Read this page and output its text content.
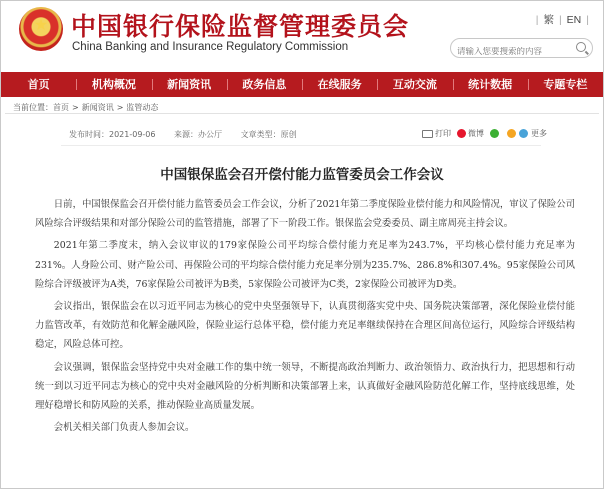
★ 中国银行保险监督管理委员会
China Banking and Insurance Regulatory Commission
| 繁 | EN |
请输入您要搜索的内容
首页	机构概况	新闻资讯	政务信息	在线服务	互动交流	统计数据	专题专栏
当前位置：首页 > 新闻资讯 > 监管动态
发布时间：2021-09-06 来源：办公厅 文章类型：原创	打印 微博	更多
中国银保监会召开偿付能力监管委员会工作会议

日前，中国银保监会召开偿付能力监管委员会工作会议，分析了2021年第二季度保险业偿付能力和风险情况，审议了保险公司风险综合评级结果和对部分保险公司的监管措施，部署了下一阶段工作。银保监会党委委员、副主席周亮主持会议。

2021年第二季度末，纳入会议审议的179家保险公司平均综合偿付能力充足率为243.7%，平均核心偿付能力充足率为231%。人身险公司、财产险公司、再保险公司的平均综合偿付能力充足率分别为235.7%、286.8%和307.4%。95家保险公司风险综合评级被评为A类，76家保险公司被评为B类，5家保险公司被评为C类，2家保险公司被评为D类。

会议指出，银保监会在以习近平同志为核心的党中央坚强领导下，认真贯彻落实党中央、国务院决策部署，深化保险业偿付能力监管改革，有效防范和化解金融风险，保险业运行总体平稳，偿付能力充足率继续保持在合理区间高位运行，风险综合评级结构稳定，风险总体可控。

会议强调，银保监会坚持党中央对金融工作的集中统一领导，不断提高政治判断力、政治领悟力、政治执行力，把思想和行动统一到以习近平同志为核心的党中央对金融风险的分析判断和决策部署上来，认真做好金融风险防范化解工作，坚持底线思维，处理好稳增长和防风险的关系，推动保险业高质量发展。

会机关相关部门负责人参加会议。
